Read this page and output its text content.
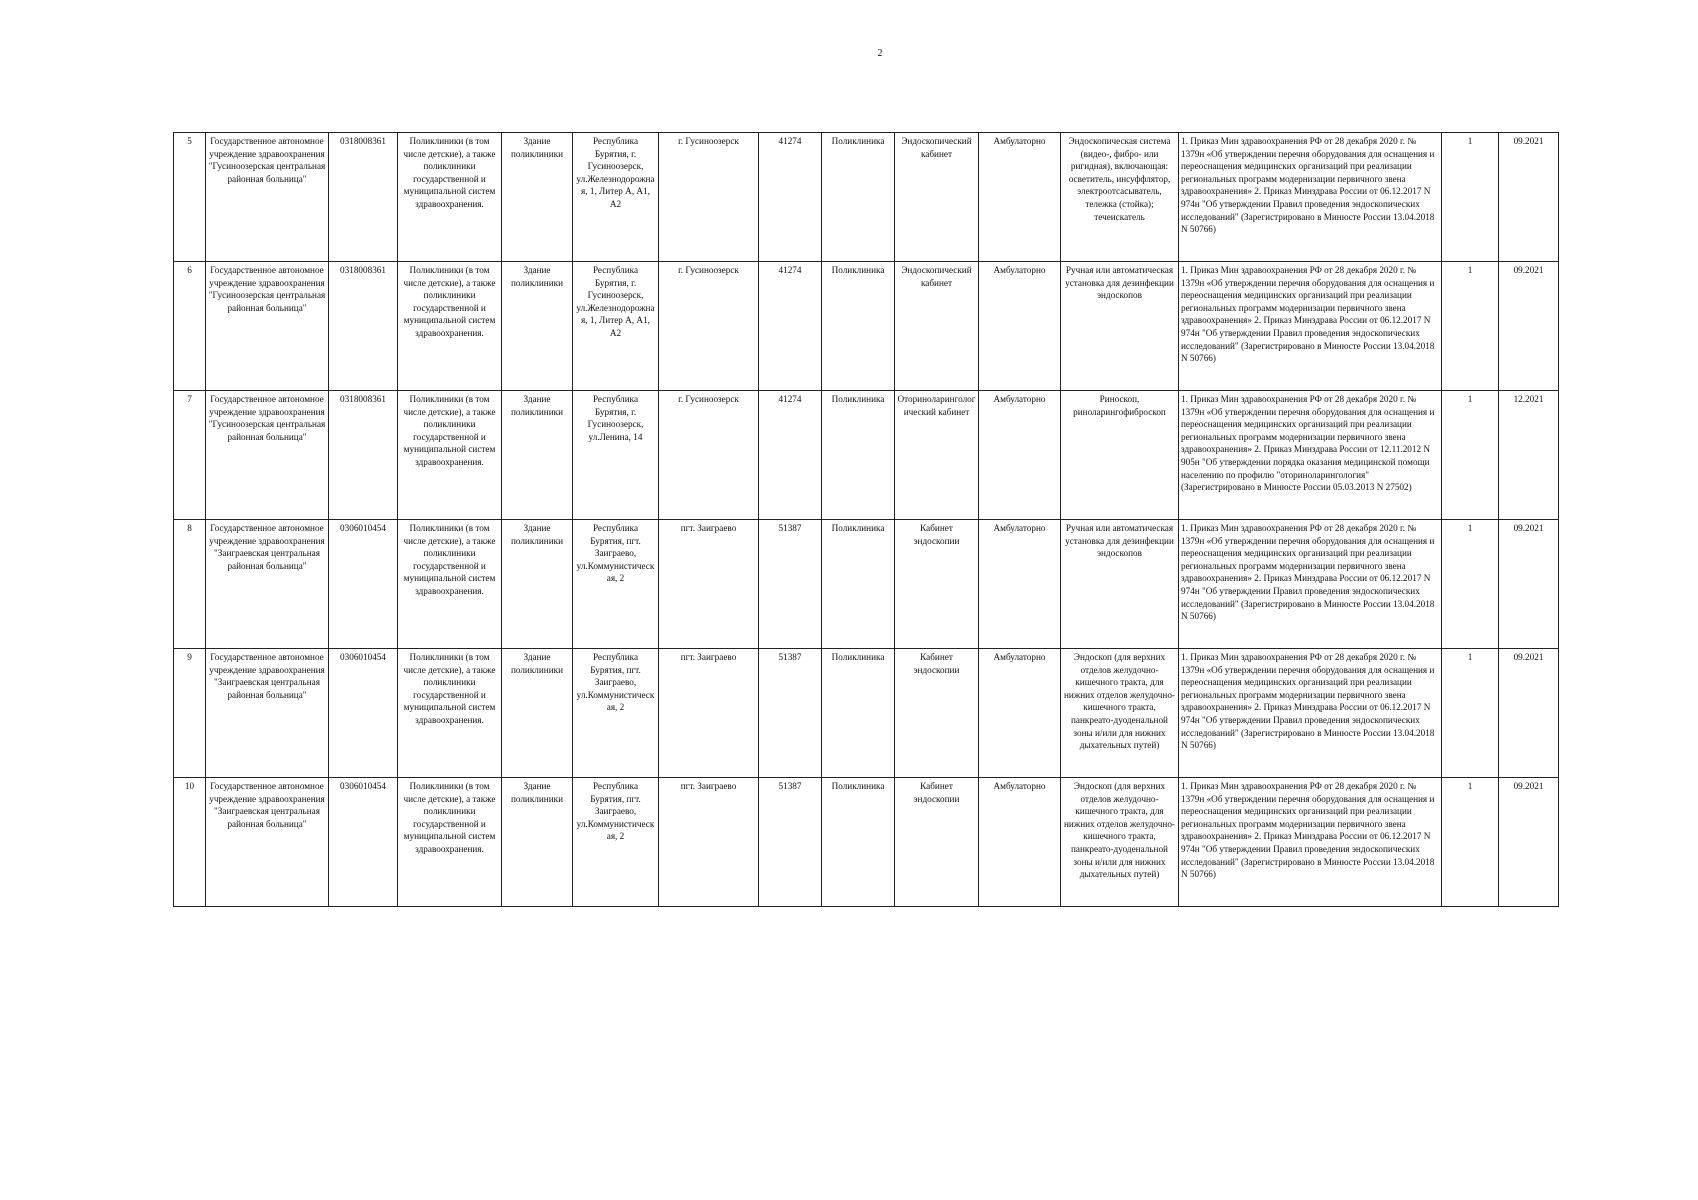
2
5	Государственное автономное учреждение здравоохранения "Гусиноозерская центральная районная больница"	0318008361	Поликлиники (в том числе детские), а также поликлиники государственной и муниципальной систем здравоохранения.	Здание поликлиники	Республика Бурятия, г. Гусиноозерск, ул.Железнодорожная, 1, Литер А, А1, А2	г. Гусиноозерск	41274	Поликлиника	Эндоскопический кабинет	Амбулаторно	Эндоскопическая система (видео-, фибро- или ригидная), включающая: осветитель, инсуффлятор, электроотсасыватель, тележка (стойка); течеискатель	1. Приказ Мин здравоохранения РФ от 28 декабря 2020 г. № 1379н «Об утверждении перечня оборудования для оснащения и переоснащения медицинских организаций при реализации региональных программ модернизации первичного звена здравоохранения» 2. Приказ Минздрава России от 06.12.2017 N 974н "Об утверждении Правил проведения эндоскопических исследований" (Зарегистрировано в Минюсте России 13.04.2018 N 50766)	1	09.2021
6	Государственное автономное учреждение здравоохранения "Гусиноозерская центральная районная больница"	0318008361	Поликлиники (в том числе детские), а также поликлиники государственной и муниципальной систем здравоохранения.	Здание поликлиники	Республика Бурятия, г. Гусиноозерск, ул.Железнодорожная, 1, Литер А, А1, А2	г. Гусиноозерск	41274	Поликлиника	Эндоскопический кабинет	Амбулаторно	Ручная или автоматическая установка для дезинфекции эндоскопов	1. Приказ Мин здравоохранения РФ от 28 декабря 2020 г. № 1379н «Об утверждении перечня оборудования для оснащения и переоснащения медицинских организаций при реализации региональных программ модернизации первичного звена здравоохранения» 2. Приказ Минздрава России от 06.12.2017 N 974н "Об утверждении Правил проведения эндоскопических исследований" (Зарегистрировано в Минюсте России 13.04.2018 N 50766)	1	09.2021
7	Государственное автономное учреждение здравоохранения "Гусиноозерская центральная районная больница"	0318008361	Поликлиники (в том числе детские), а также поликлиники государственной и муниципальной систем здравоохранения.	Здание поликлиники	Республика Бурятия, г. Гусиноозерск, ул.Ленина, 14	г. Гусиноозерск	41274	Поликлиника	Оториноларингологический кабинет	Амбулаторно	Риноскоп, риноларингофиброскоп	1. Приказ Мин здравоохранения РФ от 28 декабря 2020 г. № 1379н «Об утверждении перечня оборудования для оснащения и переоснащения медицинских организаций при реализации региональных программ модернизации первичного звена здравоохранения» 2. Приказ Минздрава России от 12.11.2012 N 905н "Об утверждении порядка оказания медицинской помощи населению по профилю "оториноларингология" (Зарегистрировано в Минюсте России 05.03.2013 N 27502)	1	12.2021
8	Государственное автономное учреждение здравоохранения "Заиграевская центральная районная больница"	0306010454	Поликлиники (в том числе детские), а также поликлиники государственной и муниципальной систем здравоохранения.	Здание поликлиники	Республика Бурятия, пгт. Заиграево, ул.Коммунистическая, 2	пгт. Заиграево	51387	Поликлиника	Кабинет эндоскопии	Амбулаторно	Ручная или автоматическая установка для дезинфекции эндоскопов	1. Приказ Мин здравоохранения РФ от 28 декабря 2020 г. № 1379н «Об утверждении перечня оборудования для оснащения и переоснащения медицинских организаций при реализации региональных программ модернизации первичного звена здравоохранения» 2. Приказ Минздрава России от 06.12.2017 N 974н "Об утверждении Правил проведения эндоскопических исследований" (Зарегистрировано в Минюсте России 13.04.2018 N 50766)	1	09.2021
9	Государственное автономное учреждение здравоохранения "Заиграевская центральная районная больница"	0306010454	Поликлиники (в том числе детские), а также поликлиники государственной и муниципальной систем здравоохранения.	Здание поликлиники	Республика Бурятия, пгт. Заиграево, ул.Коммунистическая, 2	пгт. Заиграево	51387	Поликлиника	Кабинет эндоскопии	Амбулаторно	Эндоскоп (для верхних отделов желудочно-кишечного тракта, для нижних отделов желудочно-кишечного тракта, панкреато-дуоденальной зоны и/или для нижних дыхательных путей)	1. Приказ Мин здравоохранения РФ от 28 декабря 2020 г. № 1379н «Об утверждении перечня оборудования для оснащения и переоснащения медицинских организаций при реализации региональных программ модернизации первичного звена здравоохранения» 2. Приказ Минздрава России от 06.12.2017 N 974н "Об утверждении Правил проведения эндоскопических исследований" (Зарегистрировано в Минюсте России 13.04.2018 N 50766)	1	09.2021
10	Государственное автономное учреждение здравоохранения "Заиграевская центральная районная больница"	0306010454	Поликлиники (в том числе детские), а также поликлиники государственной и муниципальной систем здравоохранения.	Здание поликлиники	Республика Бурятия, пгт. Заиграево, ул.Коммунистическая, 2	пгт. Заиграево	51387	Поликлиника	Кабинет эндоскопии	Амбулаторно	Эндоскоп (для верхних отделов желудочно-кишечного тракта, для нижних отделов желудочно-кишечного тракта, панкреато-дуоденальной зоны и/или для нижних дыхательных путей)	1. Приказ Мин здравоохранения РФ от 28 декабря 2020 г. № 1379н «Об утверждении перечня оборудования для оснащения и переоснащения медицинских организаций при реализации региональных программ модернизации первичного звена здравоохранения» 2. Приказ Минздрава России от 06.12.2017 N 974н "Об утверждении Правил проведения эндоскопических исследований" (Зарегистрировано в Минюсте России 13.04.2018 N 50766)	1	09.2021
